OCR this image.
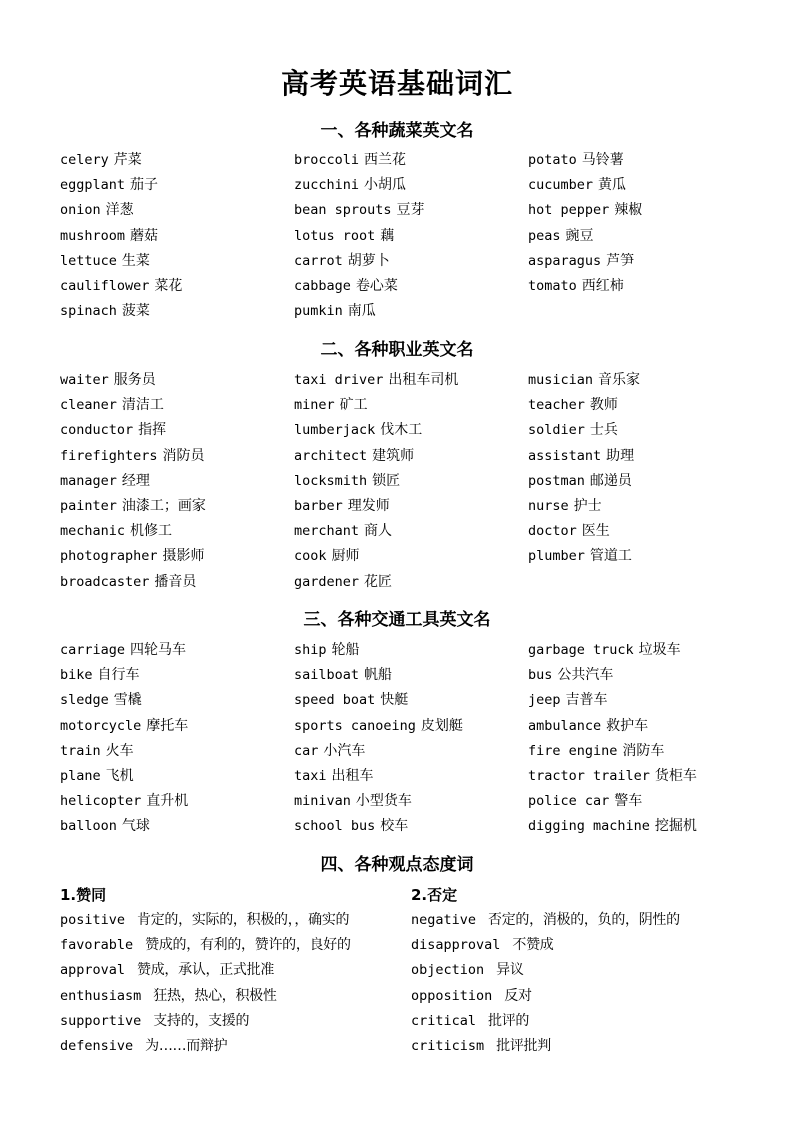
高考英语基础词汇
一、各种蔬菜英文名
celery 芹菜	broccoli 西兰花	potato 马铃薯
eggplant 茄子	zucchini 小胡瓜	cucumber 黄瓜
onion 洋葱	bean sprouts 豆芽	hot pepper 辣椒
mushroom 蘑菇	lotus root 藕	peas 豌豆
lettuce 生菜	carrot 胡萝卜	asparagus 芦笋
cauliflower 菜花	cabbage 卷心菜	tomato 西红柿
spinach 菠菜	pumkin 南瓜
二、各种职业英文名
waiter 服务员	taxi driver 出租车司机	musician 音乐家
cleaner 清洁工	miner 矿工	teacher 教师
conductor 指挥	lumberjack 伐木工	soldier 士兵
firefighters 消防员	architect 建筑师	assistant 助理
manager 经理	locksmith 锁匠	postman 邮递员
painter 油漆工；画家	barber 理发师	nurse 护士
mechanic 机修工	merchant 商人	doctor 医生
photographer 摄影师	cook 厨师	plumber 管道工
broadcaster 播音员	gardener 花匠
三、各种交通工具英文名
carriage 四轮马车	ship 轮船	garbage truck 垃圾车
bike 自行车	sailboat 帆船	bus 公共汽车
sledge 雪橇	speed boat 快艇	jeep 吉普车
motorcycle 摩托车	sports canoeing 皮划艇	ambulance 救护车
train 火车	car 小汽车	fire engine 消防车
plane 飞机	taxi 出租车	tractor trailer 货柜车
helicopter 直升机	minivan 小型货车	police car 警车
balloon 气球	school bus 校车	digging machine 挖掘机
四、各种观点态度词
1.赞同
positive 肯定的，实际的，积极的，，确实的
favorable 赞成的，有利的，赞许的，良好的
approval 赞成，承认，正式批准
enthusiasm 狂热，热心，积极性
supportive 支持的，支援的
defensive 为……而辩护
2.否定
negative 否定的，消极的，负的，阴性的
disapproval 不赞成
objection 异议
opposition 反对
critical 批评的
criticism 批评批判
